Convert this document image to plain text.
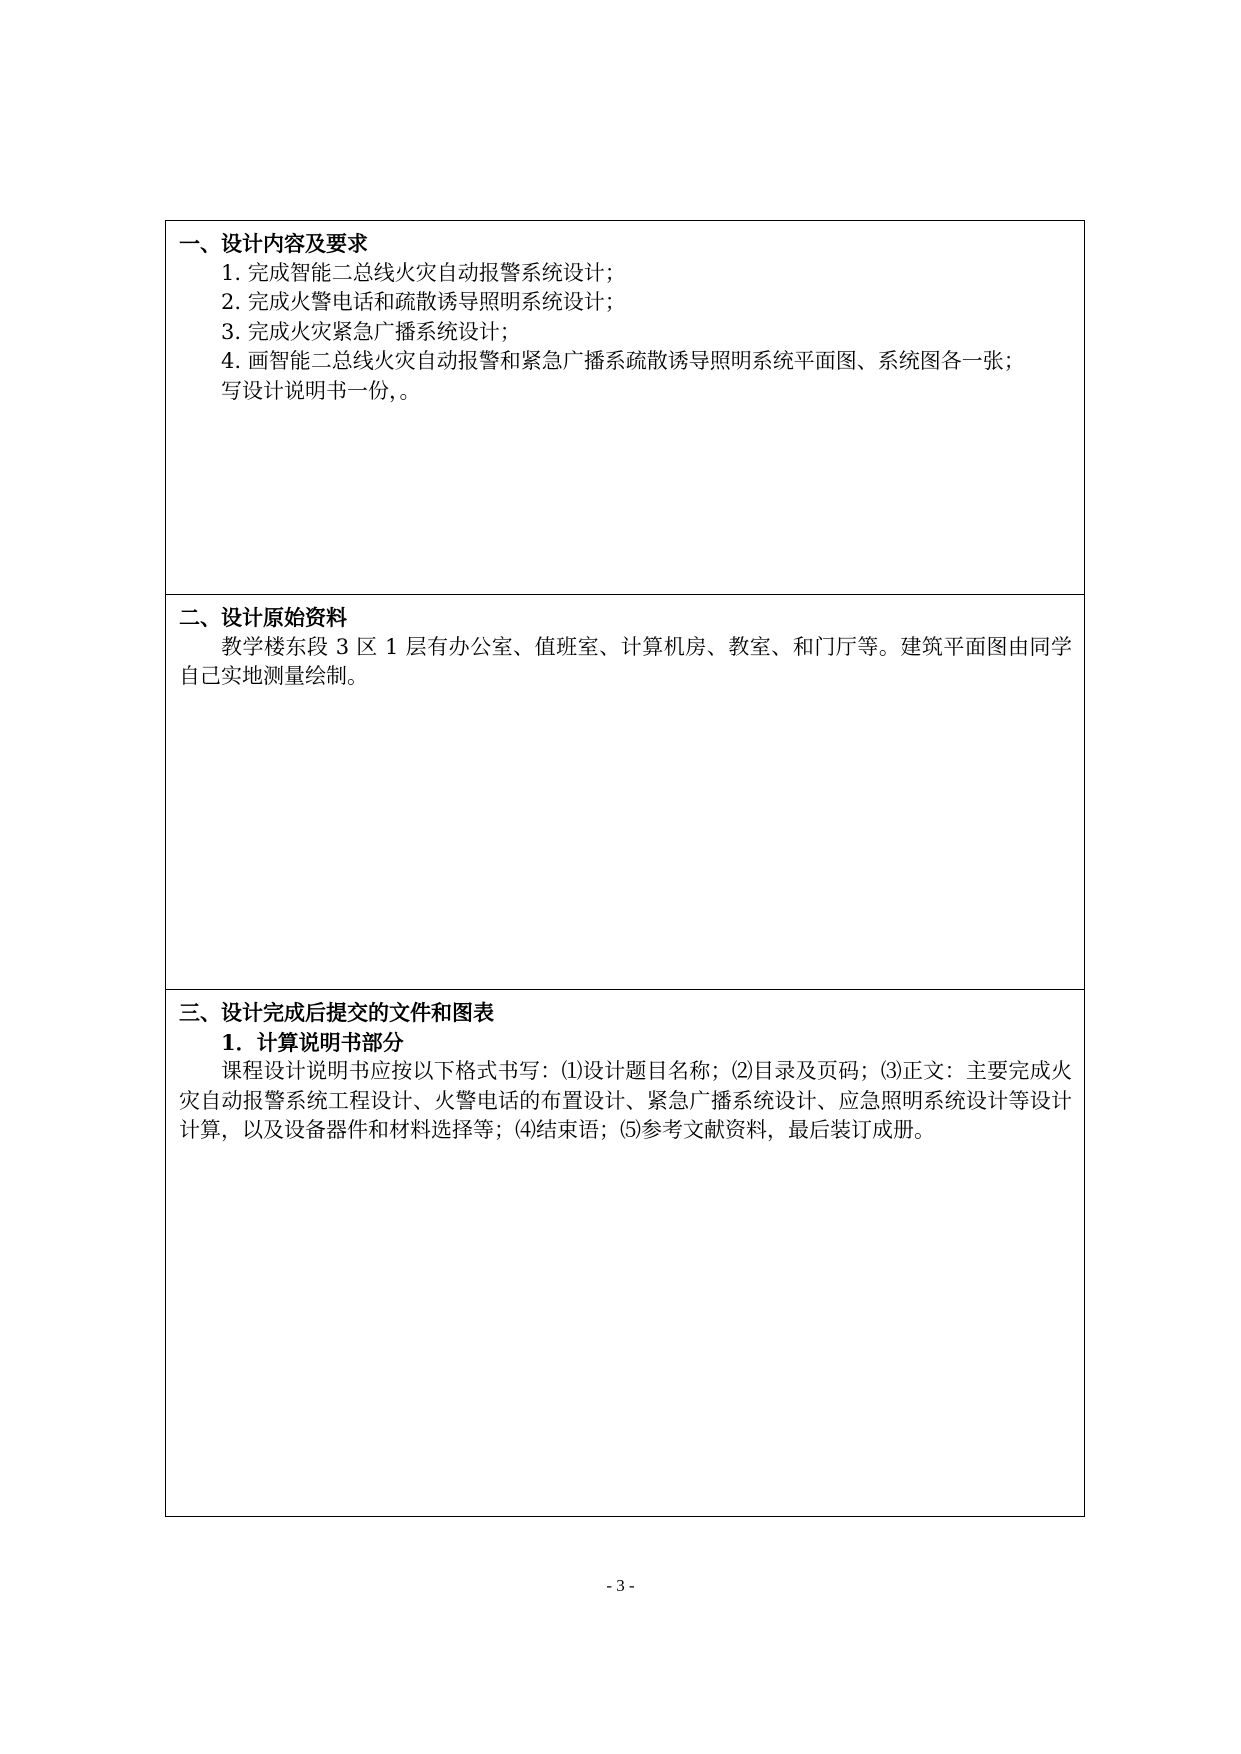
一、设计内容及要求

1. 完成智能二总线火灾自动报警系统设计；

2. 完成火警电话和疏散诱导照明系统设计；

3. 完成火灾紧急广播系统设计；

4. 画智能二总线火灾自动报警和紧急广播系疏散诱导照明系统平面图、系统图各一张；

写设计说明书一份，。

二、设计原始资料

教学楼东段 3 区 1 层有办公室、值班室、计算机房、教室、和门厅等。建筑平面图由同学自己实地测量绘制。

三、设计完成后提交的文件和图表

1．计算说明书部分

课程设计说明书应按以下格式书写：⑴设计题目名称；⑵目录及页码；⑶正文：主要完成火灾自动报警系统工程设计、火警电话的布置设计、紧急广播系统设计、应急照明系统设计等设计计算，以及设备器件和材料选择等；⑷结束语；⑸参考文献资料，最后装订成册。

- 3 -
